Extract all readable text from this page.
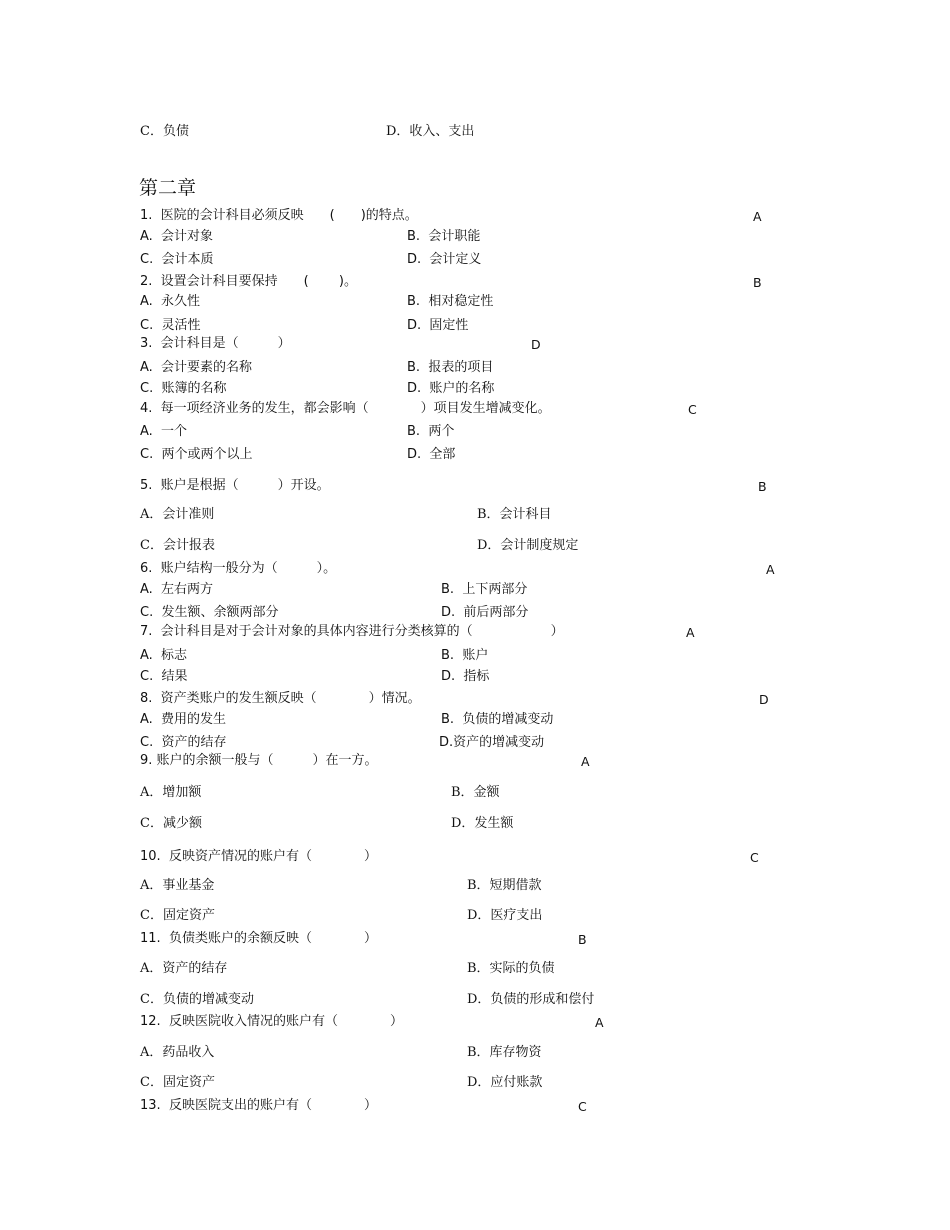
C．负债	D．收入、支出
第二章
1.  医院的会计科目必须反映　　(　　)的特点。	A
A.  会计对象	B.  会计职能
C.  会计本质	D.  会计定义
2.  设置会计科目要保持　　(　　 )。	B
A.  永久性	B.  相对稳定性
C.  灵活性	D.  固定性
3.  会计科目是（　　　）	D
A.  会计要素的名称	B.  报表的项目
C.  账簿的名称	D.  账户的名称
4.  每一项经济业务的发生，都会影响（　　　　）项目发生增减变化。	C
A.  一个	B.  两个
C.  两个或两个以上	D.  全部
5.  账户是根据（　　　）开设。	B
A．会计准则	B．会计科目
C．会计报表	D．会计制度规定
6.  账户结构一般分为（　　　）。	A
A.  左右两方	B.  上下两部分
C.  发生额、余额两部分	D.  前后两部分
7.  会计科目是对于会计对象的具体内容进行分类核算的（　　　　　　）	A
A.  标志	B.  账户
C.  结果	D.  指标
8.  资产类账户的发生额反映（　　　　）情况。	D
A.  费用的发生	B.  负债的增减变动
C.  资产的结存	D.资产的增减变动
9. 账户的余额一般与（　　　）在一方。	A
A．增加额	B．金额
C．减少额	D．发生额
10.  反映资产情况的账户有（　　　　）	C
A．事业基金	B．短期借款
C．固定资产	D．医疗支出
11.  负债类账户的余额反映（　　　　）	B
A．资产的结存	B．实际的负债
C．负债的增减变动	D．负债的形成和偿付
12.  反映医院收入情况的账户有（　　　　）	A
A．药品收入	B．库存物资
C．固定资产	D．应付账款
13.  反映医院支出的账户有（　　　　）	C
